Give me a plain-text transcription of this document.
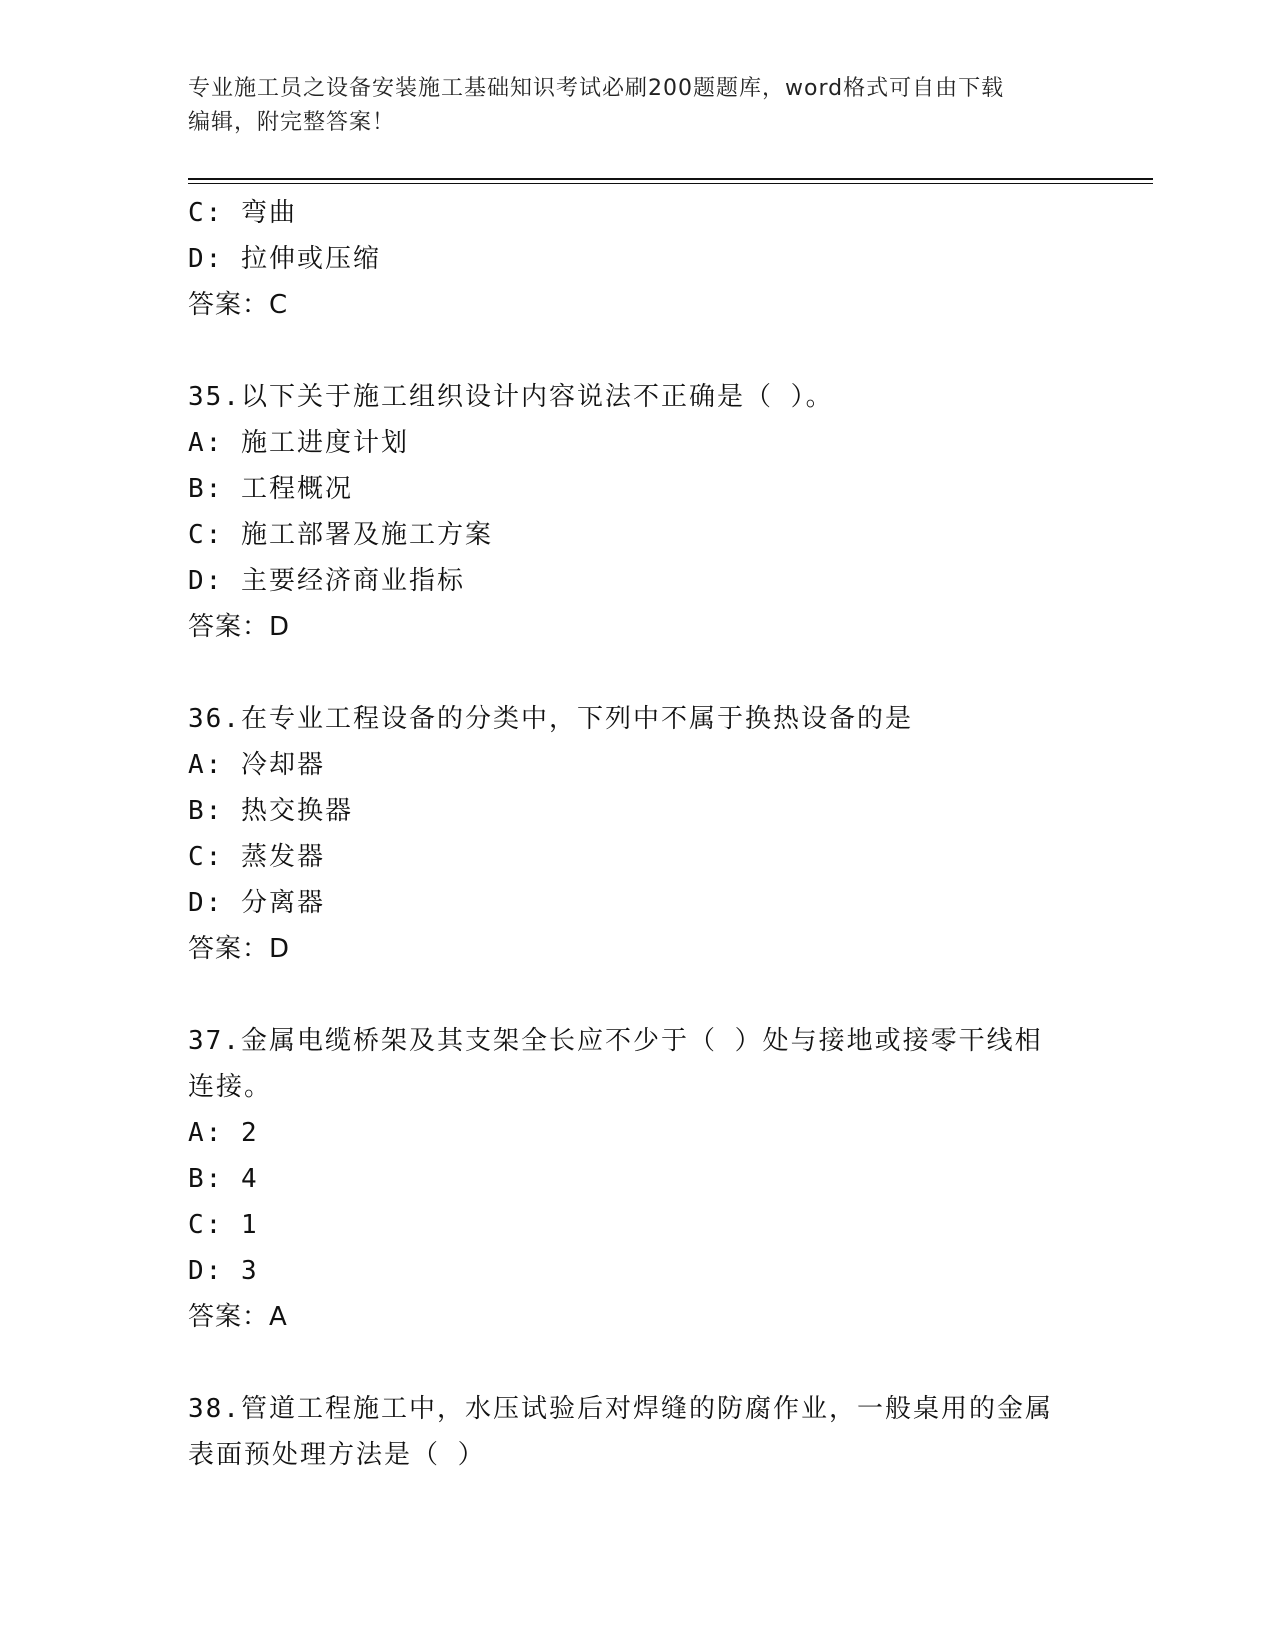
专业施工员之设备安装施工基础知识考试必刷200题题库，word格式可自由下载
编辑，附完整答案！
C: 弯曲
D: 拉伸或压缩
答案：C
35.以下关于施工组织设计内容说法不正确是（ ）。
A: 施工进度计划
B: 工程概况
C: 施工部署及施工方案
D: 主要经济商业指标
答案：D
36.在专业工程设备的分类中，下列中不属于换热设备的是
A: 冷却器
B: 热交换器
C: 蒸发器
D: 分离器
答案：D
37.金属电缆桥架及其支架全长应不少于（ ）处与接地或接零干线相
连接。
A: 2
B: 4
C: 1
D: 3
答案：A
38.管道工程施工中，水压试验后对焊缝的防腐作业，一般桌用的金属
表面预处理方法是（ ）
